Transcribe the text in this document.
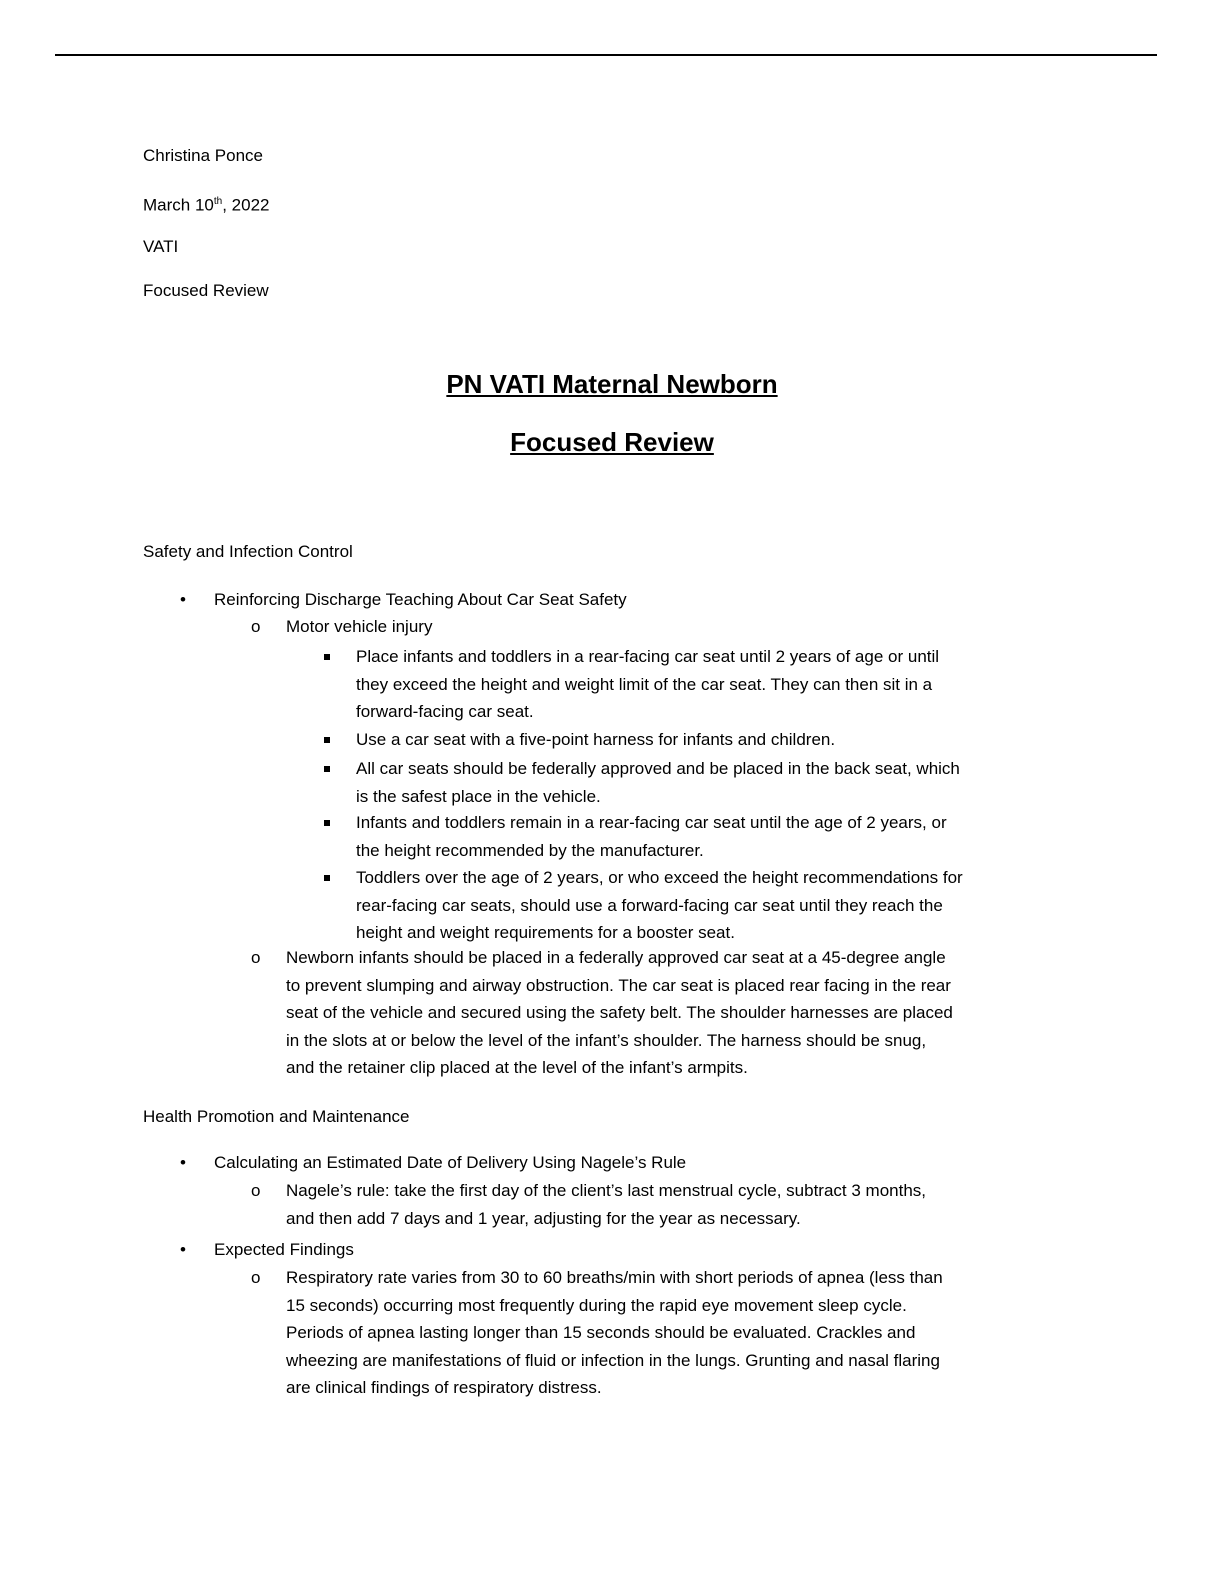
Christina Ponce
March 10th, 2022
VATI
Focused Review
PN VATI Maternal Newborn
Focused Review
Safety and Infection Control
• Reinforcing Discharge Teaching About Car Seat Safety
o Motor vehicle injury
Place infants and toddlers in a rear-facing car seat until 2 years of age or until
they exceed the height and weight limit of the car seat. They can then sit in a
forward-facing car seat.
Use a car seat with a five-point harness for infants and children.
All car seats should be federally approved and be placed in the back seat, which
is the safest place in the vehicle.
Infants and toddlers remain in a rear-facing car seat until the age of 2 years, or
the height recommended by the manufacturer.
Toddlers over the age of 2 years, or who exceed the height recommendations for
rear-facing car seats, should use a forward-facing car seat until they reach the
height and weight requirements for a booster seat.
o Newborn infants should be placed in a federally approved car seat at a 45-degree angle
to prevent slumping and airway obstruction. The car seat is placed rear facing in the rear
seat of the vehicle and secured using the safety belt. The shoulder harnesses are placed
in the slots at or below the level of the infant’s shoulder. The harness should be snug,
and the retainer clip placed at the level of the infant’s armpits.
Health Promotion and Maintenance
• Calculating an Estimated Date of Delivery Using Nagele’s Rule
o Nagele’s rule: take the first day of the client’s last menstrual cycle, subtract 3 months,
and then add 7 days and 1 year, adjusting for the year as necessary.
• Expected Findings
o Respiratory rate varies from 30 to 60 breaths/min with short periods of apnea (less than
15 seconds) occurring most frequently during the rapid eye movement sleep cycle.
Periods of apnea lasting longer than 15 seconds should be evaluated. Crackles and
wheezing are manifestations of fluid or infection in the lungs. Grunting and nasal flaring
are clinical findings of respiratory distress.
